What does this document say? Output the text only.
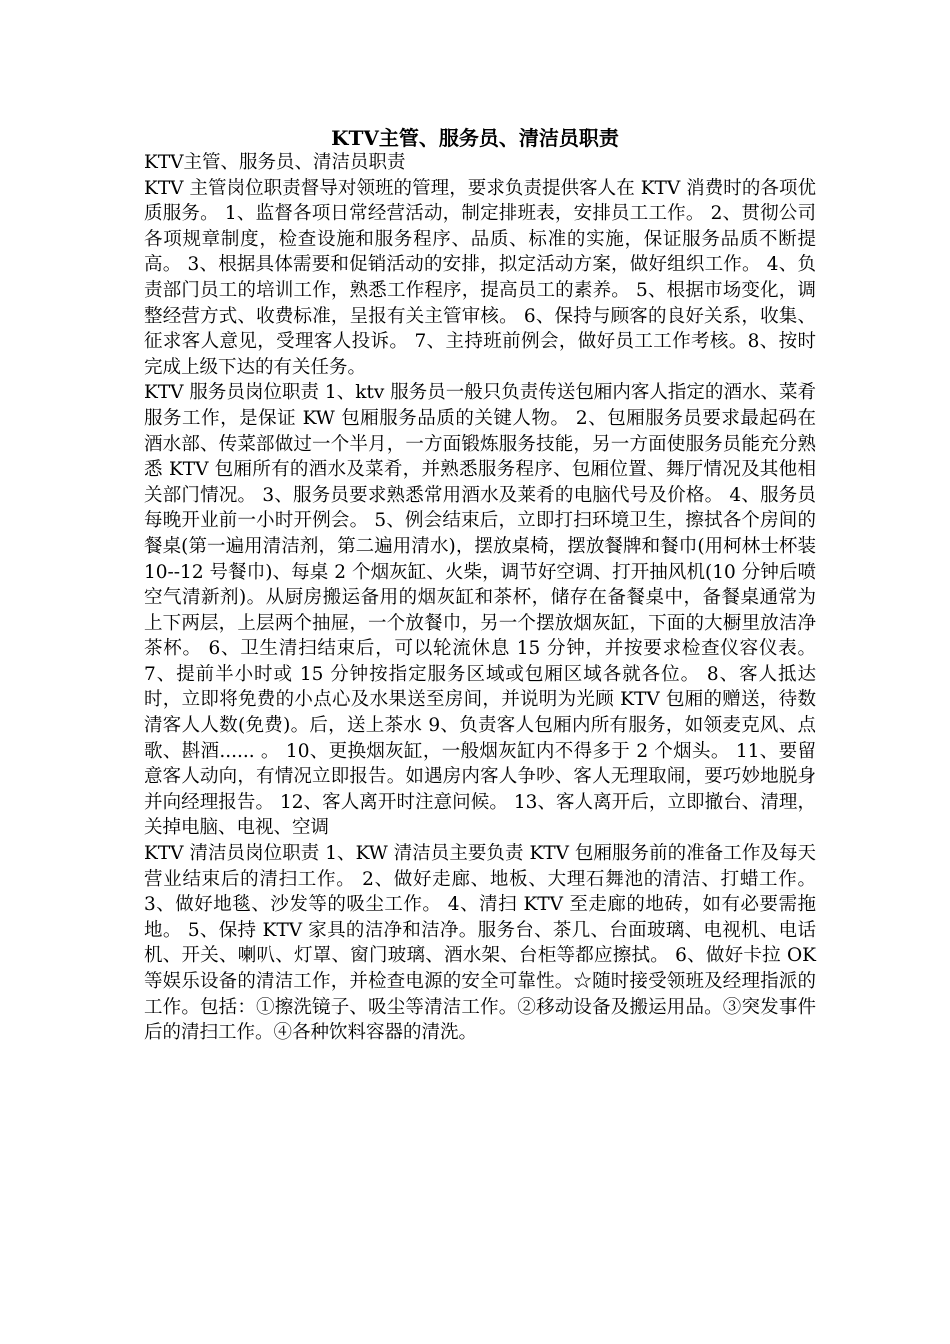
KTV主管、服务员、清洁员职责

KTV主管、服务员、清洁员职责

KTV 主管岗位职责督导对领班的管理，要求负责提供客人在 KTV 消费时的各项优质服务。 1、监督各项日常经营活动，制定排班表，安排员工工作。 2、贯彻公司各项规章制度，检查设施和服务程序、品质、标准的实施，保证服务品质不断提高。 3、根据具体需要和促销活动的安排，拟定活动方案，做好组织工作。 4、负责部门员工的培训工作，熟悉工作程序，提高员工的素养。 5、根据市场变化，调整经营方式、收费标准，呈报有关主管审核。 6、保持与顾客的良好关系，收集、征求客人意见，受理客人投诉。 7、主持班前例会，做好员工工作考核。8、按时完成上级下达的有关任务。

KTV 服务员岗位职责 1、ktv 服务员一般只负责传送包厢内客人指定的酒水、菜肴服务工作，是保证 KW 包厢服务品质的关键人物。 2、包厢服务员要求最起码在酒水部、传菜部做过一个半月，一方面锻炼服务技能，另一方面使服务员能充分熟悉 KTV 包厢所有的酒水及菜肴，并熟悉服务程序、包厢位置、舞厅情况及其他相关部门情况。 3、服务员要求熟悉常用酒水及莱肴的电脑代号及价格。 4、服务员每晚开业前一小时开例会。 5、例会结束后，立即打扫环境卫生，擦拭各个房间的餐桌(第一遍用清洁剂，第二遍用清水)，摆放桌椅，摆放餐牌和餐巾(用柯林士杯装 10--12 号餐巾)、每桌 2 个烟灰缸、火柴，调节好空调、打开抽风机(10 分钟后喷空气清新剂)。从厨房搬运备用的烟灰缸和茶杯，储存在备餐桌中，备餐桌通常为上下两层，上层两个抽屉，一个放餐巾，另一个摆放烟灰缸，下面的大橱里放洁净茶杯。 6、卫生清扫结束后，可以轮流休息 15 分钟，并按要求检查仪容仪表。7、提前半小时或 15 分钟按指定服务区域或包厢区域各就各位。 8、客人抵达时，立即将免费的小点心及水果送至房间，并说明为光顾 KTV 包厢的赠送，待数清客人人数(免费)。后，送上茶水 9、负责客人包厢内所有服务，如领麦克风、点歌、斟酒...... 。 10、更换烟灰缸，一般烟灰缸内不得多于 2 个烟头。 11、要留意客人动向，有情况立即报告。如遇房内客人争吵、客人无理取闹，要巧妙地脱身并向经理报告。 12、客人离开时注意问候。 13、客人离开后，立即撤台、清理，关掉电脑、电视、空调

KTV 清洁员岗位职责 1、KW 清洁员主要负责 KTV 包厢服务前的准备工作及每天营业结束后的清扫工作。 2、做好走廊、地板、大理石舞池的清洁、打蜡工作。 3、做好地毯、沙发等的吸尘工作。 4、清扫 KTV 至走廊的地砖，如有必要需拖地。 5、保持 KTV 家具的洁净和洁净。服务台、茶几、台面玻璃、电视机、电话机、开关、喇叭、灯罩、窗门玻璃、酒水架、台柜等都应擦拭。 6、做好卡拉 OK 等娱乐设备的清洁工作，并检查电源的安全可靠性。☆随时接受领班及经理指派的工作。包括：①擦洗镜子、吸尘等清洁工作。②移动设备及搬运用品。③突发事件后的清扫工作。④各种饮料容器的清洗。
